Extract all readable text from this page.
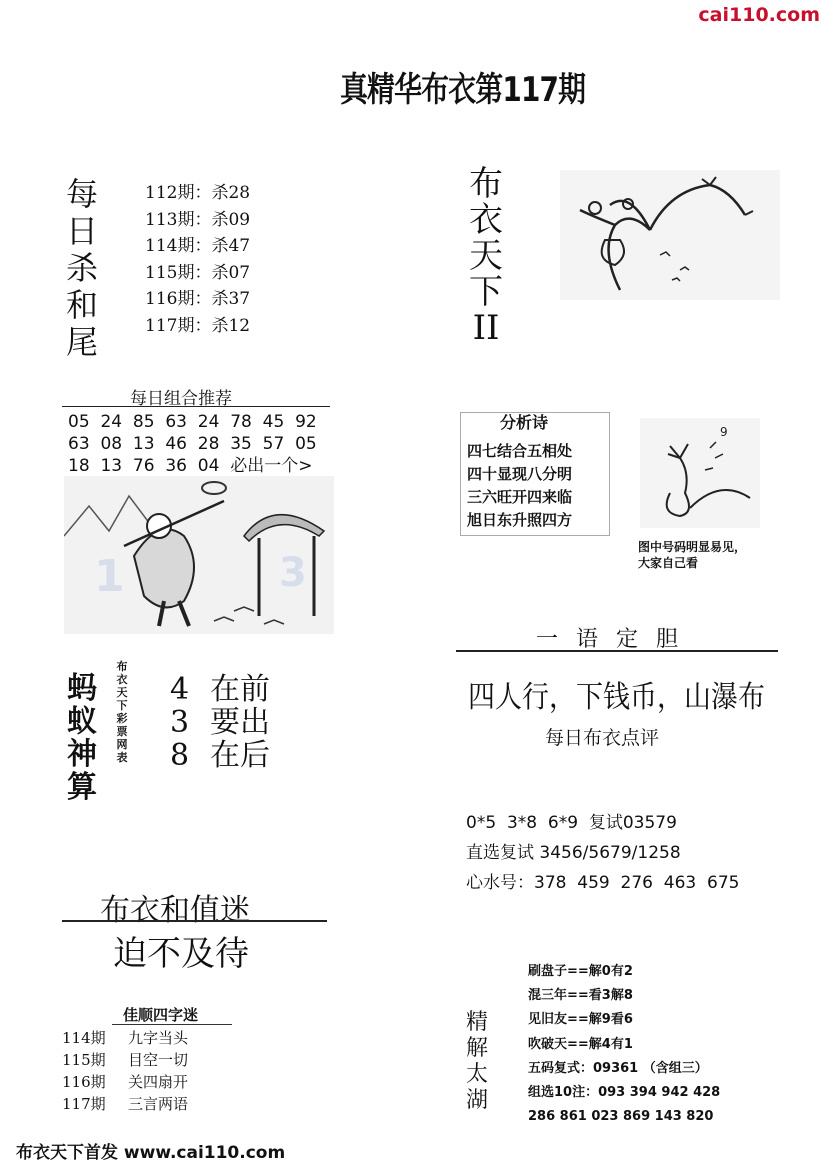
cai110.com
真精华布衣第117期
每
日
杀
和
尾
112期：杀28
113期：杀09
114期：杀47
115期：杀07
116期：杀37
117期：杀12
布
衣
天
下
II
每日组合推荐
05  24  85  63  24  78  45  92
63  08  13  46  28  35  57  05
18  13  76  36  04  必出一个>
1	3
分析诗
四七结合五相处
四十显现八分明
三六旺开四来临
旭日东升照四方
9
图中号码明显易见，
大家自己看
蚂
蚁
神
算
布
衣
天
下
彩
票
网
表
4 在前
3 要出
8 在后
一语定胆
四人行，下钱币，山瀑布
每日布衣点评
0*5  3*8  6*9  复试03579
直选复试 3456/5679/1258
心水号：378  459  276  463  675
布衣和值迷
迫不及待
佳顺四字迷
114期 九字当头
115期 目空一切
116期 关四扇开
117期 三言两语
精
解
太
湖
刷盘子==解0有2
混三年==看3解8
见旧友==解9看6
吹破天==解4有1
五码复式：09361 （含组三）
组选10注：093 394 942 428
286 861 023 869 143 820
布衣天下首发 www.cai110.com
